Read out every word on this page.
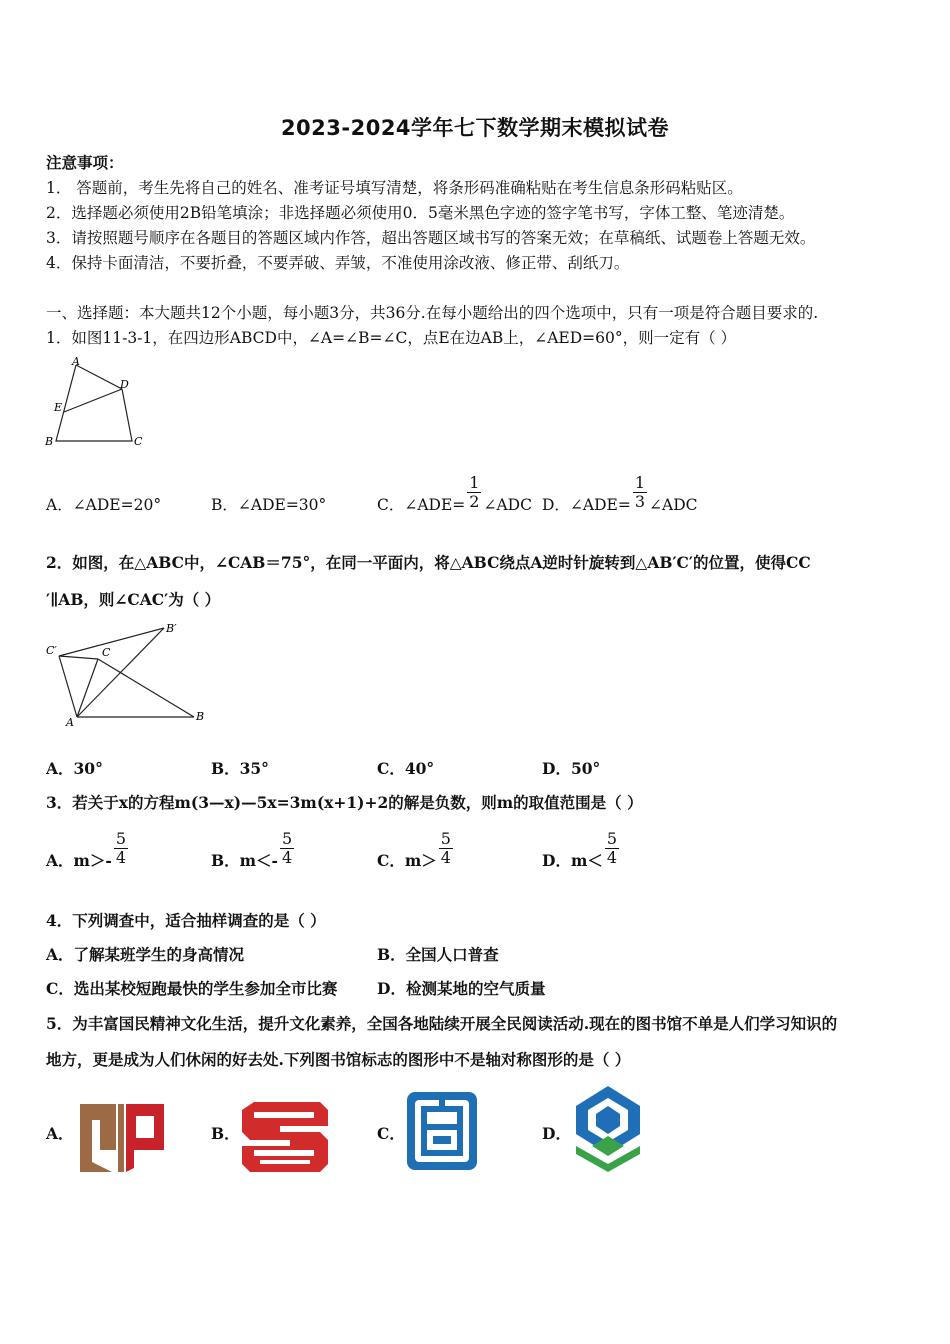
2023-2024学年七下数学期末模拟试卷
注意事项：
1． 答题前，考生先将自己的姓名、准考证号填写清楚，将条形码准确粘贴在考生信息条形码粘贴区。
2．选择题必须使用2B铅笔填涂；非选择题必须使用0．5毫米黑色字迹的签字笔书写，字体工整、笔迹清楚。
3．请按照题号顺序在各题目的答题区域内作答，超出答题区域书写的答案无效；在草稿纸、试题卷上答题无效。
4．保持卡面清洁，不要折叠，不要弄破、弄皱，不准使用涂改液、修正带、刮纸刀。
一、选择题：本大题共12个小题，每小题3分，共36分.在每小题给出的四个选项中，只有一项是符合题目要求的.
1．如图11-3-1，在四边形ABCD中，∠A=∠B=∠C，点E在边AB上，∠AED=60°，则一定有（ ）
A
D
E
B	C
A．∠ADE=20°	B．∠ADE=30°	C．∠ADE= $\frac{1}{2}$ ∠ADC D．∠ADE= $\frac{1}{3}$ ∠ADC
2．如图，在△ABC中，∠CAB＝75°，在同一平面内，将△ABC绕点A逆时针旋转到△AB′C′的位置，使得CC
′∥AB，则∠CAC′为（ ）
C′
B′
C
A	B
A．30°	B．35°	C．40°	D．50°
3．若关于x的方程m(3—x)—5x=3m(x+1)+2的解是负数，则m的取值范围是（ ）
A．$m>- \frac{5}{4}$	B．$m<- \frac{5}{4}$	C．$m> \frac{5}{4}$	D．$m< \frac{5}{4}$
4．下列调查中，适合抽样调查的是（ ）
A．了解某班学生的身高情况	B．全国人口普查
C．选出某校短跑最快的学生参加全市比赛	D．检测某地的空气质量
5．为丰富国民精神文化生活，提升文化素养，全国各地陆续开展全民阅读活动.现在的图书馆不单是人们学习知识的
地方，更是成为人们休闲的好去处.下列图书馆标志的图形中不是轴对称图形的是（ ）
A．	B．	C．	D．
